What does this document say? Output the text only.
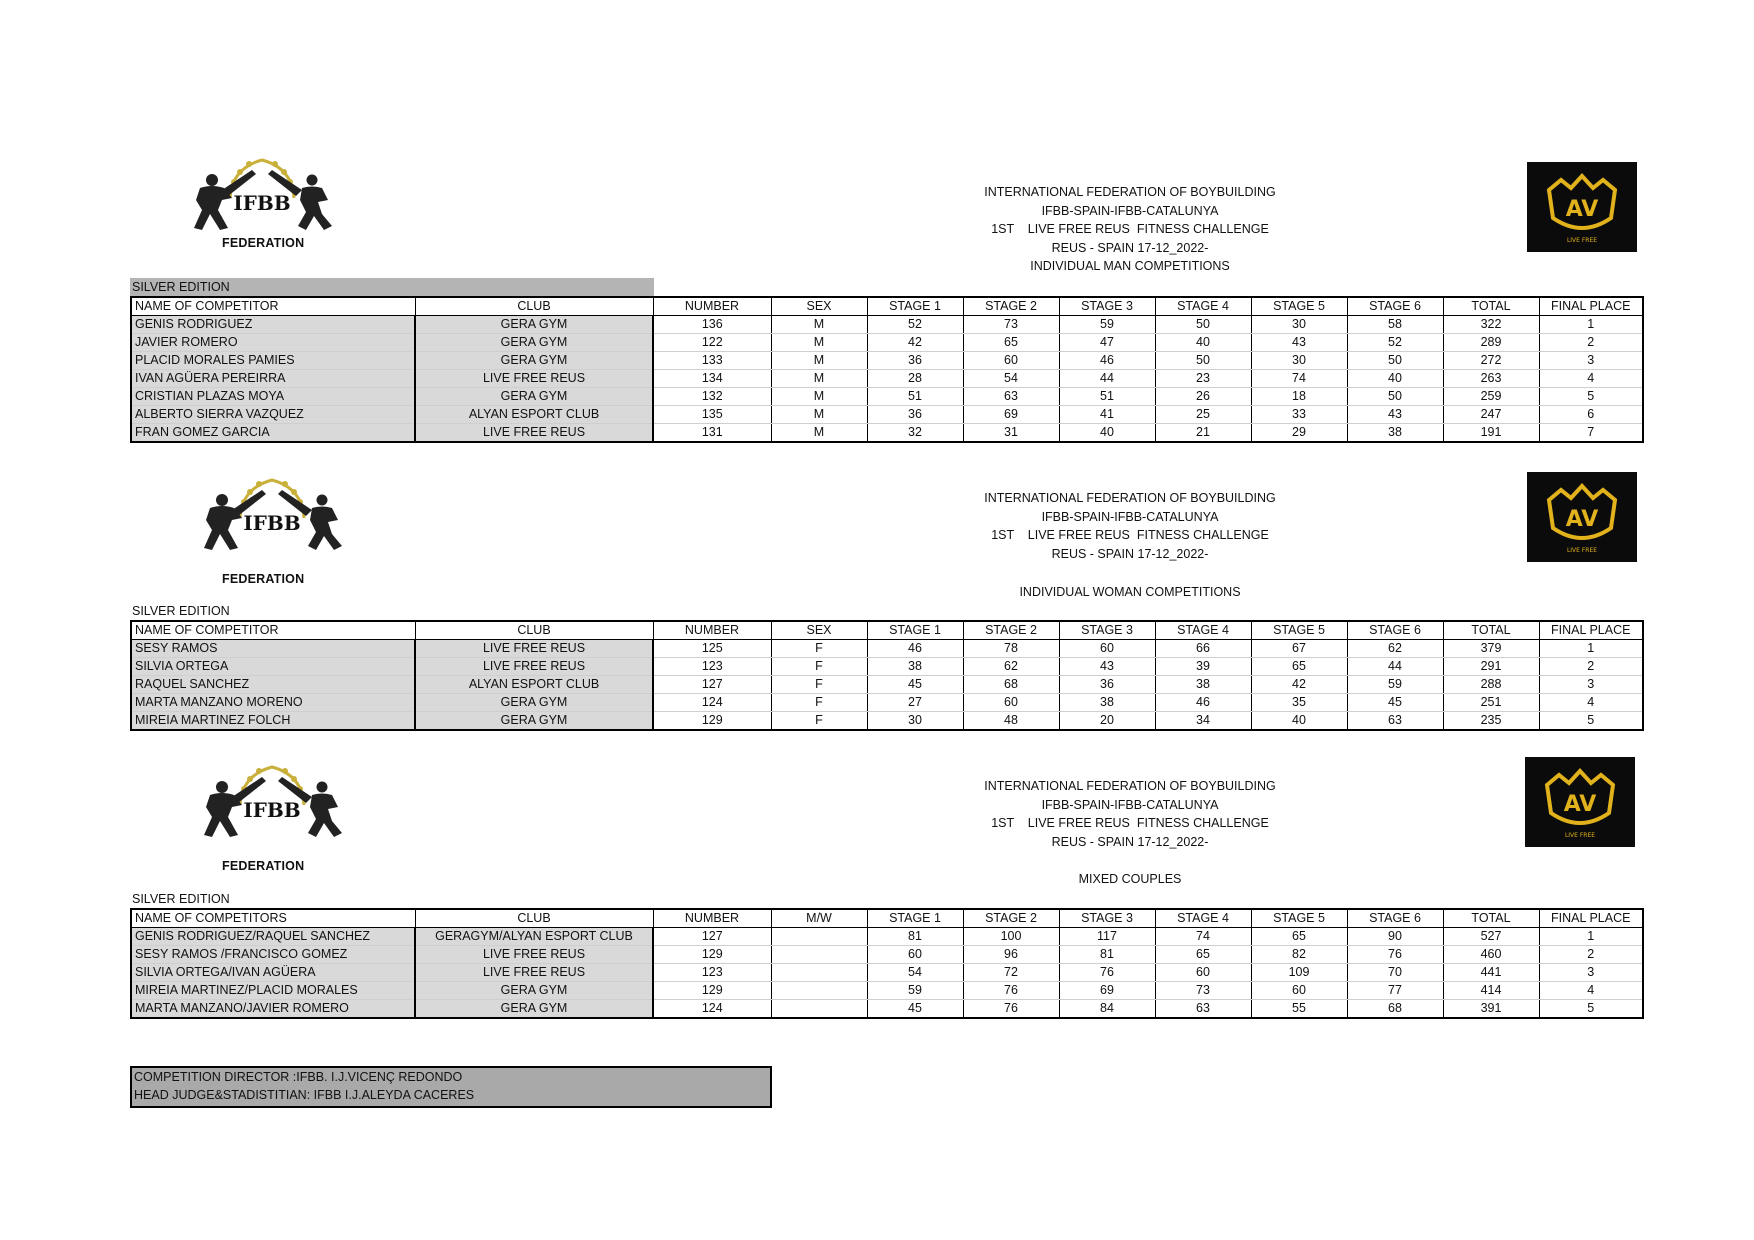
IFBB
FEDERATION
INTERNATIONAL FEDERATION OF BOYBUILDING
IFBB-SPAIN-IFBB-CATALUNYA
1ST    LIVE FREE REUS  FITNESS CHALLENGE
REUS - SPAIN 17-12_2022-
INDIVIDUAL MAN COMPETITIONS
AV
LIVE FREE
SILVER EDITION
NAME OF COMPETITOR	CLUB	NUMBER	SEX	STAGE 1	STAGE 2	STAGE 3	STAGE 4	STAGE 5	STAGE 6	TOTAL	FINAL PLACE
GENIS RODRIGUEZ	GERA GYM	136	M	52	73	59	50	30	58	322	1
JAVIER ROMERO	GERA GYM	122	M	42	65	47	40	43	52	289	2
PLACID MORALES PAMIES	GERA GYM	133	M	36	60	46	50	30	50	272	3
IVAN AGÜERA PEREIRRA	LIVE FREE REUS	134	M	28	54	44	23	74	40	263	4
CRISTIAN PLAZAS MOYA	GERA GYM	132	M	51	63	51	26	18	50	259	5
ALBERTO SIERRA VAZQUEZ	ALYAN ESPORT CLUB	135	M	36	69	41	25	33	43	247	6
FRAN GOMEZ GARCIA	LIVE FREE REUS	131	M	32	31	40	21	29	38	191	7
IFBB
FEDERATION
INTERNATIONAL FEDERATION OF BOYBUILDING
IFBB-SPAIN-IFBB-CATALUNYA
1ST    LIVE FREE REUS  FITNESS CHALLENGE
REUS - SPAIN 17-12_2022-
INDIVIDUAL WOMAN COMPETITIONS
AV
LIVE FREE
SILVER EDITION
NAME OF COMPETITOR	CLUB	NUMBER	SEX	STAGE 1	STAGE 2	STAGE 3	STAGE 4	STAGE 5	STAGE 6	TOTAL	FINAL PLACE
SESY RAMOS	LIVE FREE REUS	125	F	46	78	60	66	67	62	379	1
SILVIA ORTEGA	LIVE FREE REUS	123	F	38	62	43	39	65	44	291	2
RAQUEL SANCHEZ	ALYAN ESPORT CLUB	127	F	45	68	36	38	42	59	288	3
MARTA MANZANO MORENO	GERA GYM	124	F	27	60	38	46	35	45	251	4
MIREIA MARTINEZ FOLCH	GERA GYM	129	F	30	48	20	34	40	63	235	5
IFBB
FEDERATION
INTERNATIONAL FEDERATION OF BOYBUILDING
IFBB-SPAIN-IFBB-CATALUNYA
1ST    LIVE FREE REUS  FITNESS CHALLENGE
REUS - SPAIN 17-12_2022-
MIXED COUPLES
AV
LIVE FREE
SILVER EDITION
NAME OF COMPETITORS	CLUB	NUMBER	M/W	STAGE 1	STAGE 2	STAGE 3	STAGE 4	STAGE 5	STAGE 6	TOTAL	FINAL PLACE
GENIS RODRIGUEZ/RAQUEL SANCHEZ	GERAGYM/ALYAN ESPORT CLUB	127		81	100	117	74	65	90	527	1
SESY RAMOS /FRANCISCO GOMEZ	LIVE FREE REUS	129		60	96	81	65	82	76	460	2
SILVIA ORTEGA/IVAN AGÜERA	LIVE FREE REUS	123		54	72	76	60	109	70	441	3
MIREIA MARTINEZ/PLACID MORALES	GERA GYM	129		59	76	69	73	60	77	414	4
MARTA MANZANO/JAVIER ROMERO	GERA GYM	124		45	76	84	63	55	68	391	5
COMPETITION DIRECTOR :IFBB. I.J.VICENÇ REDONDO
HEAD JUDGE&STADISTITIAN: IFBB I.J.ALEYDA CACERES
